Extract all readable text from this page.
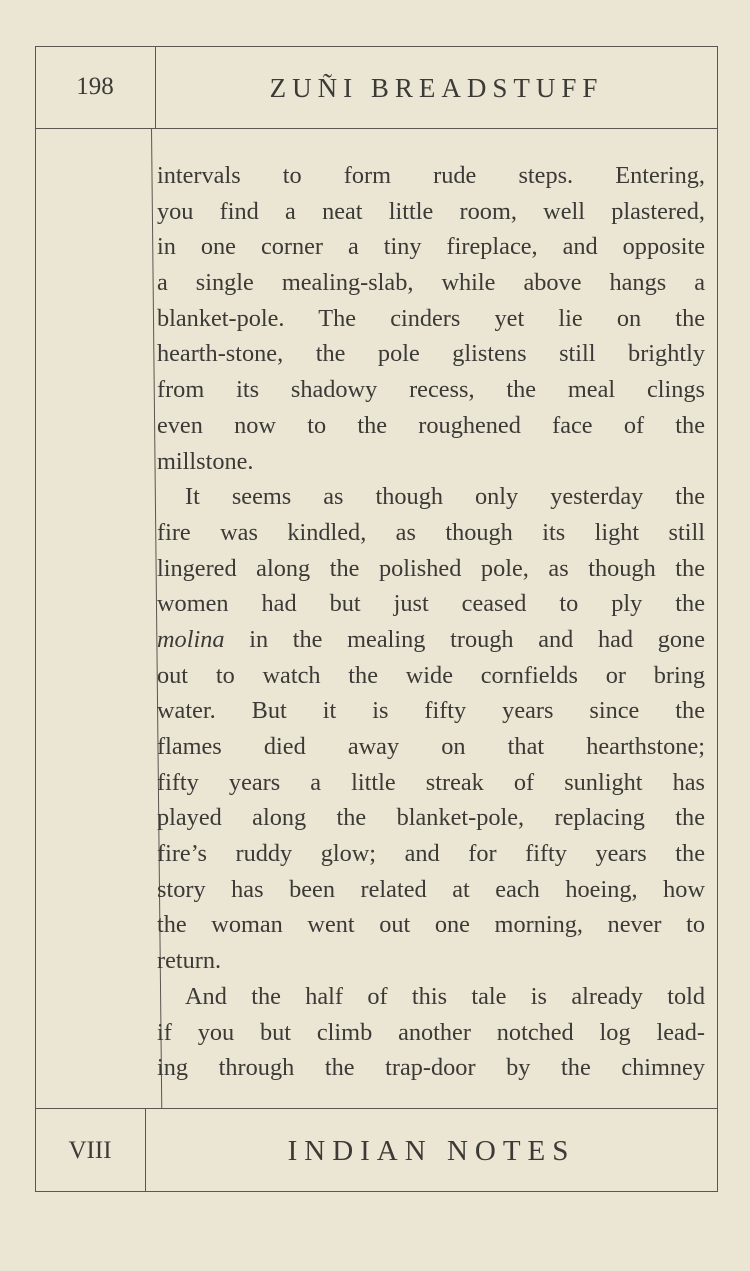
198	ZUÑI BREADSTUFF
intervals to form rude steps. Entering,
you find a neat little room, well plastered,
in one corner a tiny fireplace, and opposite
a single mealing-slab, while above hangs a
blanket-pole. The cinders yet lie on the
hearth-stone, the pole glistens still brightly
from its shadowy recess, the meal clings
even now to the roughened face of the
millstone.
It seems as though only yesterday the
fire was kindled, as though its light still
lingered along the polished pole, as though the
women had but just ceased to ply the
molina in the mealing trough and had gone
out to watch the wide cornfields or bring
water. But it is fifty years since the
flames died away on that hearthstone;
fifty years a little streak of sunlight has
played along the blanket-pole, replacing the
fire’s ruddy glow; and for fifty years the
story has been related at each hoeing, how
the woman went out one morning, never to
return.
And the half of this tale is already told
if you but climb another notched log lead-
ing through the trap-door by the chimney
VIII	INDIAN NOTES
